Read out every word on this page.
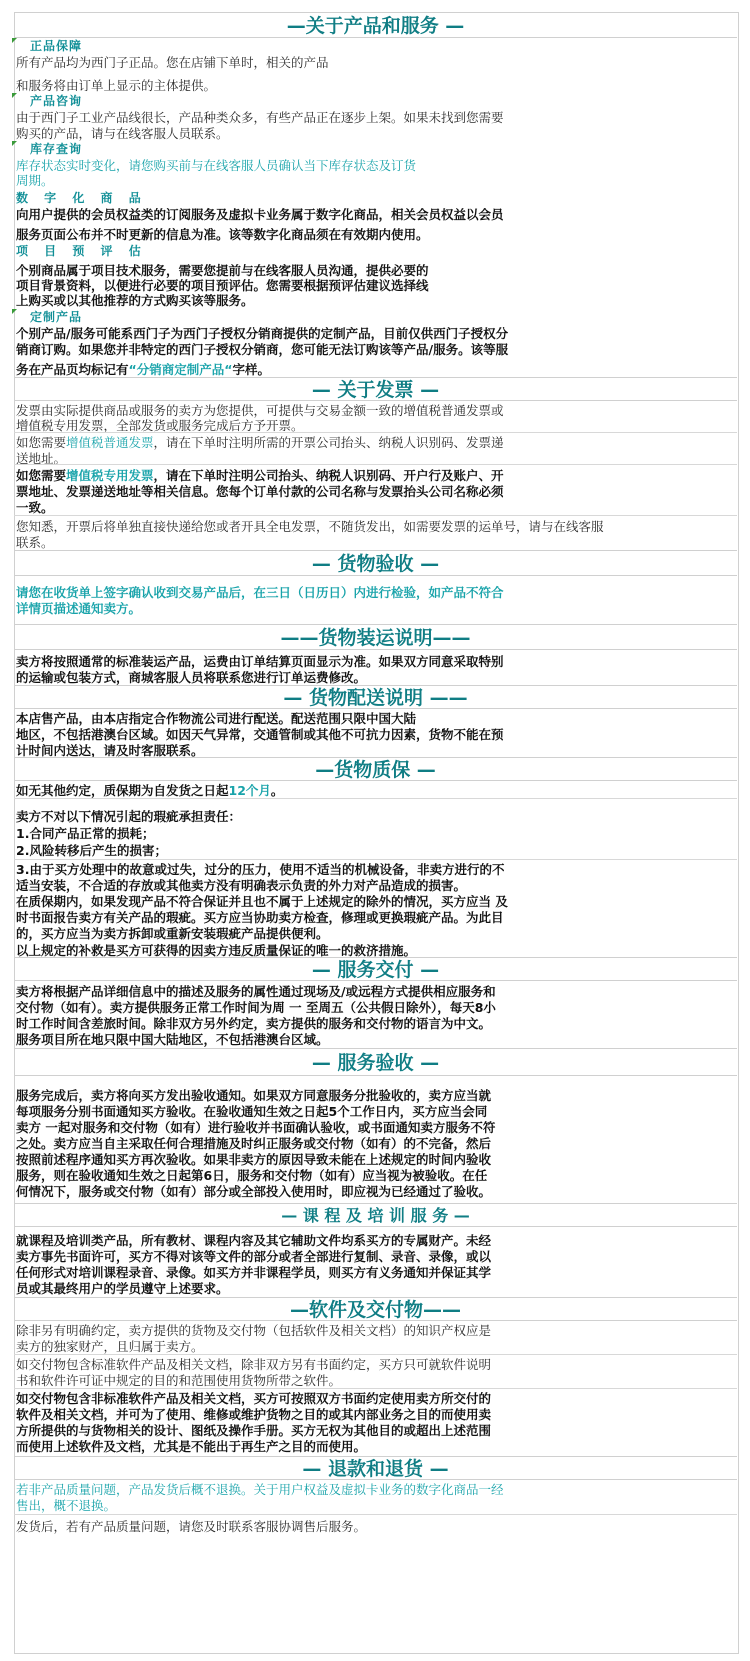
—关于产品和服务 —
正品保障
所有产品均为西门子正品。您在店铺下单时，相关的产品
和服务将由订单上显示的主体提供。
产品咨询
由于西门子工业产品线很长，产品种类众多，有些产品正在逐步上架。如果未找到您需要
购买的产品，请与在线客服人员联系。
库存查询
库存状态实时变化，请您购买前与在线客服人员确认当下库存状态及订货
周期。
数 字 化 商 品
向用户提供的会员权益类的订阅服务及虚拟卡业务属于数字化商品，相关会员权益以会员
服务页面公布并不时更新的信息为准。该等数字化商品须在有效期内使用。
项 目 预 评 估
个别商品属于项目技术服务，需要您提前与在线客服人员沟通，提供必要的
项目背景资料，以便进行必要的项目预评估。您需要根据预评估建议选择线
上购买或以其他推荐的方式购买该等服务。
定制产品
个别产品/服务可能系西门子为西门子授权分销商提供的定制产品，目前仅供西门子授权分
销商订购。如果您并非特定的西门子授权分销商，您可能无法订购该等产品/服务。该等服
务在产品页均标记有“分销商定制产品“字样。
— 关于发票 —
发票由实际提供商品或服务的卖方为您提供，可提供与交易金额一致的增值税普通发票或
增值税专用发票，全部发货或服务完成后方予开票。
如您需要增值税普通发票，请在下单时注明所需的开票公司抬头、纳税人识别码、发票递
送地址。
如您需要增值税专用发票，请在下单时注明公司抬头、纳税人识别码、开户行及账户、开
票地址、发票递送地址等相关信息。您每个订单付款的公司名称与发票抬头公司名称必须
一致。
您知悉，开票后将单独直接快递给您或者开具全电发票，不随货发出，如需要发票的运单号，请与在线客服
联系。
— 货物验收 —
请您在收货单上签字确认收到交易产品后，在三日（日历日）内进行检验，如产品不符合
详情页描述通知卖方。
——货物装运说明——
卖方将按照通常的标准装运产品，运费由订单结算页面显示为准。如果双方同意采取特别
的运输或包装方式，商城客服人员将联系您进行订单运费修改。
— 货物配送说明 ——
本店售产品，由本店指定合作物流公司进行配送。配送范围只限中国大陆
地区，不包括港澳台区域。如因天气异常，交通管制或其他不可抗力因素，货物不能在预
计时间内送达，请及时客服联系。
—货物质保 —
如无其他约定，质保期为自发货之日起12个月。
卖方不对以下情况引起的瑕疵承担责任：
1.合同产品正常的损耗；
2.风险转移后产生的损害；
3.由于买方处理中的故意或过失，过分的压力，使用不适当的机械设备，非卖方进行的不
适当安装，不合适的存放或其他卖方没有明确表示负责的外力对产品造成的损害。
在质保期内，如果发现产品不符合保证并且也不属于上述规定的除外的情况，买方应当 及
时书面报告卖方有关产品的瑕疵。买方应当协助卖方检查，修理或更换瑕疵产品。为此目
的，买方应当为卖方拆卸或重新安装瑕疵产品提供便利。
以上规定的补救是买方可获得的因卖方违反质量保证的唯一的救济措施。
— 服务交付 —
卖方将根据产品详细信息中的描述及服务的属性通过现场及/或远程方式提供相应服务和
交付物（如有）。卖方提供服务正常工作时间为周 一 至周五（公共假日除外），每天8小
时工作时间含差旅时间。除非双方另外约定，卖方提供的服务和交付物的语言为中文。
服务项目所在地只限中国大陆地区，不包括港澳台区域。
— 服务验收 —
服务完成后，卖方将向买方发出验收通知。如果双方同意服务分批验收的，卖方应当就
每项服务分别书面通知买方验收。在验收通知生效之日起5个工作日内，买方应当会同
卖方 一起对服务和交付物（如有）进行验收并书面确认验收，或书面通知卖方服务不符
之处。卖方应当自主采取任何合理措施及时纠正服务或交付物（如有）的不完备，然后
按照前述程序通知买方再次验收。如果非卖方的原因导致未能在上述规定的时间内验收
服务，则在验收通知生效之日起第6日，服务和交付物（如有）应当视为被验收。在任
何情况下，服务或交付物（如有）部分或全部投入使用时，即应视为已经通过了验收。
— 课 程 及 培 训 服 务 —
就课程及培训类产品，所有教材、课程内容及其它辅助文件均系买方的专属财产。未经
卖方事先书面许可，买方不得对该等文件的部分或者全部进行复制、录音、录像，或以
任何形式对培训课程录音、录像。如买方并非课程学员，则买方有义务通知并保证其学
员或其最终用户的学员遵守上述要求。
—软件及交付物——
除非另有明确约定，卖方提供的货物及交付物（包括软件及相关文档）的知识产权应是
卖方的独家财产，且归属于卖方。
如交付物包含标准软件产品及相关文档，除非双方另有书面约定，买方只可就软件说明
书和软件许可证中规定的目的和范围使用货物所带之软件。
如交付物包含非标准软件产品及相关文档，买方可按照双方书面约定使用卖方所交付的
软件及相关文档，并可为了使用、维修或维护货物之目的或其内部业务之目的而使用卖
方所提供的与货物相关的设计、图纸及操作手册。买方无权为其他目的或超出上述范围
而使用上述软件及文档，尤其是不能出于再生产之目的而使用。
— 退款和退货 —
若非产品质量问题，产品发货后概不退换。关于用户权益及虚拟卡业务的数字化商品一经
售出，概不退换。
发货后，若有产品质量问题，请您及时联系客服协调售后服务。
